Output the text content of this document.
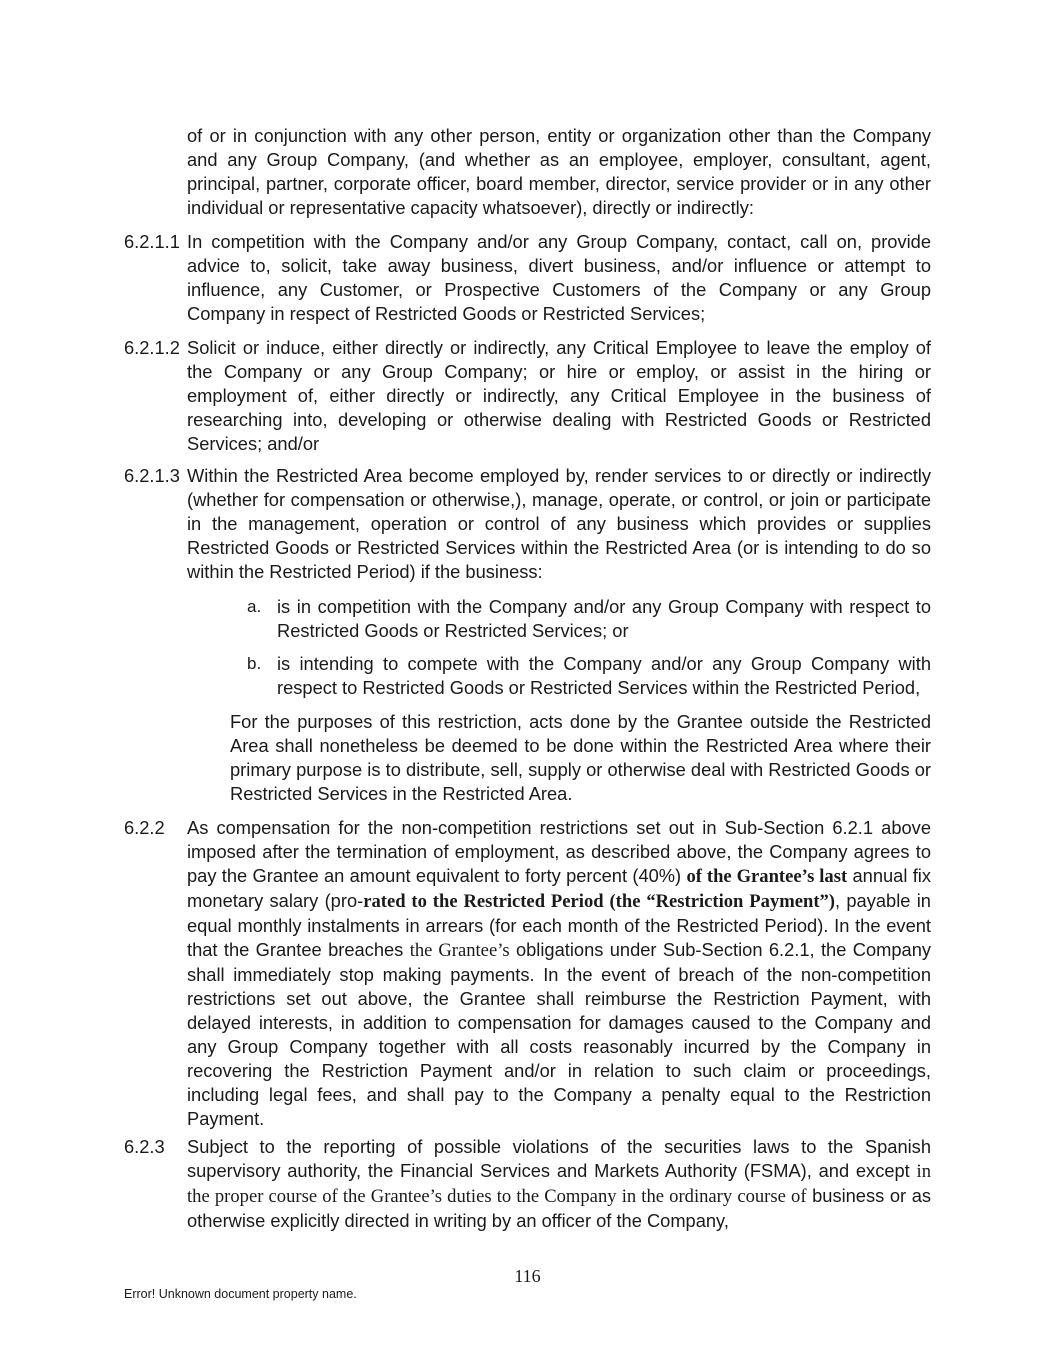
of or in conjunction with any other person, entity or organization other than the Company and any Group Company, (and whether as an employee, employer, consultant, agent, principal, partner, corporate officer, board member, director, service provider or in any other individual or representative capacity whatsoever), directly or indirectly:

6.2.1.1 In competition with the Company and/or any Group Company, contact, call on, provide advice to, solicit, take away business, divert business, and/or influence or attempt to influence, any Customer, or Prospective Customers of the Company or any Group Company in respect of Restricted Goods or Restricted Services;

6.2.1.2 Solicit or induce, either directly or indirectly, any Critical Employee to leave the employ of the Company or any Group Company; or hire or employ, or assist in the hiring or employment of, either directly or indirectly, any Critical Employee in the business of researching into, developing or otherwise dealing with Restricted Goods or Restricted Services; and/or

6.2.1.3 Within the Restricted Area become employed by, render services to or directly or indirectly (whether for compensation or otherwise,), manage, operate, or control, or join or participate in the management, operation or control of any business which provides or supplies Restricted Goods or Restricted Services within the Restricted Area (or is intending to do so within the Restricted Period) if the business:

a. is in competition with the Company and/or any Group Company with respect to Restricted Goods or Restricted Services; or

b. is intending to compete with the Company and/or any Group Company with respect to Restricted Goods or Restricted Services within the Restricted Period,

For the purposes of this restriction, acts done by the Grantee outside the Restricted Area shall nonetheless be deemed to be done within the Restricted Area where their primary purpose is to distribute, sell, supply or otherwise deal with Restricted Goods or Restricted Services in the Restricted Area.

6.2.2 As compensation for the non-competition restrictions set out in Sub-Section 6.2.1 above imposed after the termination of employment, as described above, the Company agrees to pay the Grantee an amount equivalent to forty percent (40%) of the Grantee’s last annual fix monetary salary (pro-rated to the Restricted Period (the “Restriction Payment”), payable in equal monthly instalments in arrears (for each month of the Restricted Period). In the event that the Grantee breaches the Grantee’s obligations under Sub-Section 6.2.1, the Company shall immediately stop making payments. In the event of breach of the non-competition restrictions set out above, the Grantee shall reimburse the Restriction Payment, with delayed interests, in addition to compensation for damages caused to the Company and any Group Company together with all costs reasonably incurred by the Company in recovering the Restriction Payment and/or in relation to such claim or proceedings, including legal fees, and shall pay to the Company a penalty equal to the Restriction Payment.

6.2.3 Subject to the reporting of possible violations of the securities laws to the Spanish supervisory authority, the Financial Services and Markets Authority (FSMA), and except in the proper course of the Grantee’s duties to the Company in the ordinary course of business or as otherwise explicitly directed in writing by an officer of the Company,

116
Error! Unknown document property name.
